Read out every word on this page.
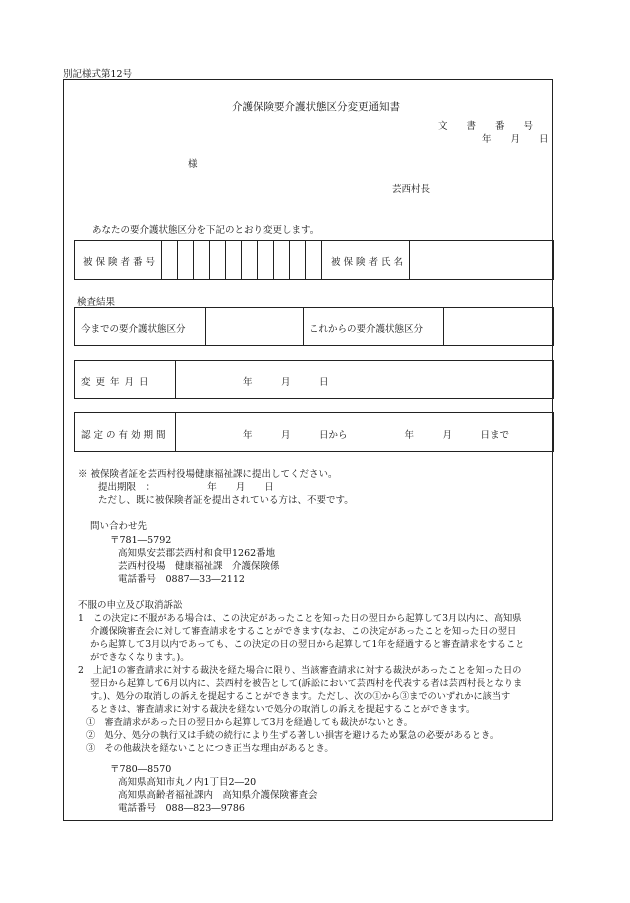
別記様式第12号
介護保険要介護状態区分変更通知書
文　　書　　番　　号
年　　月　　日
様
芸西村長
あなたの要介護状態区分を下記のとおり変更します。
被保険者番号	被保険者氏名
検査結果
今までの要介護状態区分	これからの要介護状態区分
変更年月日	年　　　月　　　日
認定の有効期間	年　　　月　　　日から　　　　　　年　　　月　　　日まで
※ 被保険者証を芸西村役場健康福祉課に提出してください。
提出期限　：　　　　　　年　　月　　日
ただし、既に被保険者証を提出されている方は、不要です。
問い合わせ先
〒781―5792
高知県安芸郡芸西村和食甲1262番地
芸西村役場　健康福祉課　介護保険係
電話番号　0887―33―2112
不服の申立及び取消訴訟
1　この決定に不服がある場合は、この決定があったことを知った日の翌日から起算して3月以内に、高知県
　 介護保険審査会に対して審査請求をすることができます(なお、この決定があったことを知った日の翌日
　 から起算して3月以内であっても、この決定の日の翌日から起算して1年を経過すると審査請求をすること
　 ができなくなります。)。
2　上記1の審査請求に対する裁決を経た場合に限り、当該審査請求に対する裁決があったことを知った日の
　 翌日から起算して6月以内に、芸西村を被告として(訴訟において芸西村を代表する者は芸西村長となりま
　 す。)、処分の取消しの訴えを提起することができます。ただし、次の①から③までのいずれかに該当す
　 るときは、審査請求に対する裁決を経ないで処分の取消しの訴えを提起することができます。
①　審査請求があった日の翌日から起算して3月を経過しても裁決がないとき。
②　処分、処分の執行又は手続の続行により生ずる著しい損害を避けるため緊急の必要があるとき。
③　その他裁決を経ないことにつき正当な理由があるとき。
〒780―8570
高知県高知市丸ノ内1丁目2―20
高知県高齢者福祉課内　高知県介護保険審査会
電話番号　088―823―9786
